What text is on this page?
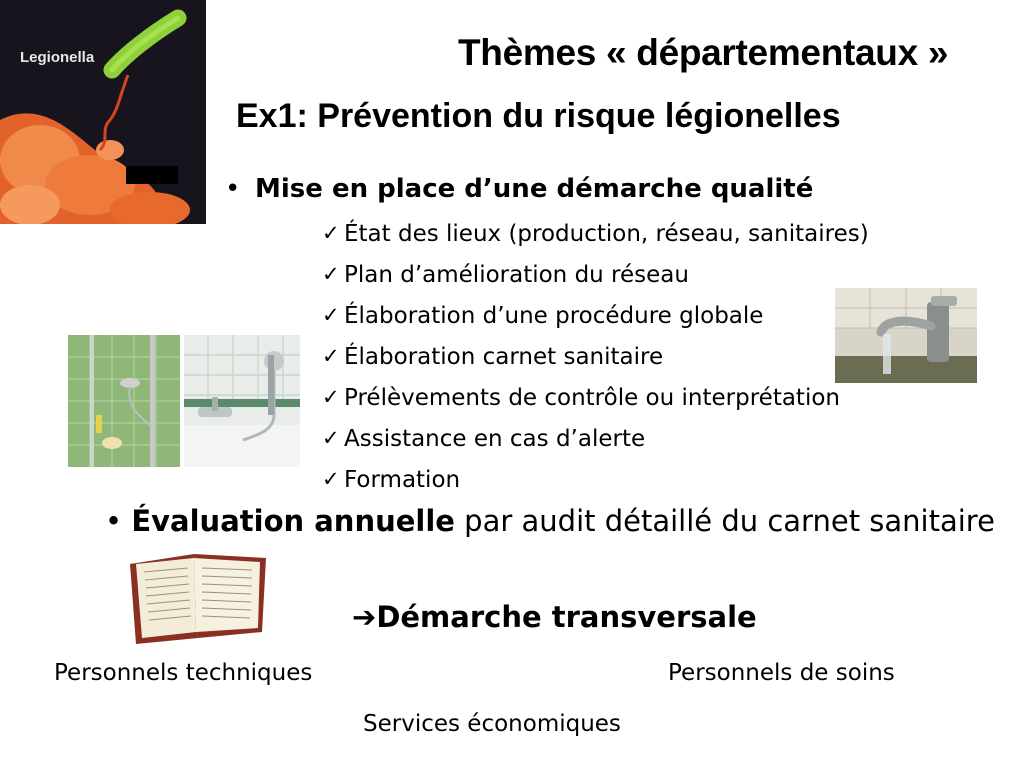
Legionella	Thèmes « départementaux »
Ex1: Prévention du risque légionelles
• Mise en place d’une démarche qualité
✓ État des lieux (production, réseau, sanitaires)
✓ Plan d’amélioration du réseau
✓ Élaboration d’une procédure globale
✓ Élaboration carnet sanitaire
✓ Prélèvements de contrôle ou interprétation
✓ Assistance en cas d’alerte
✓ Formation
• Évaluation annuelle par audit détaillé du carnet sanitaire
➔Démarche transversale
Personnels techniques	Personnels de soins
Services économiques
